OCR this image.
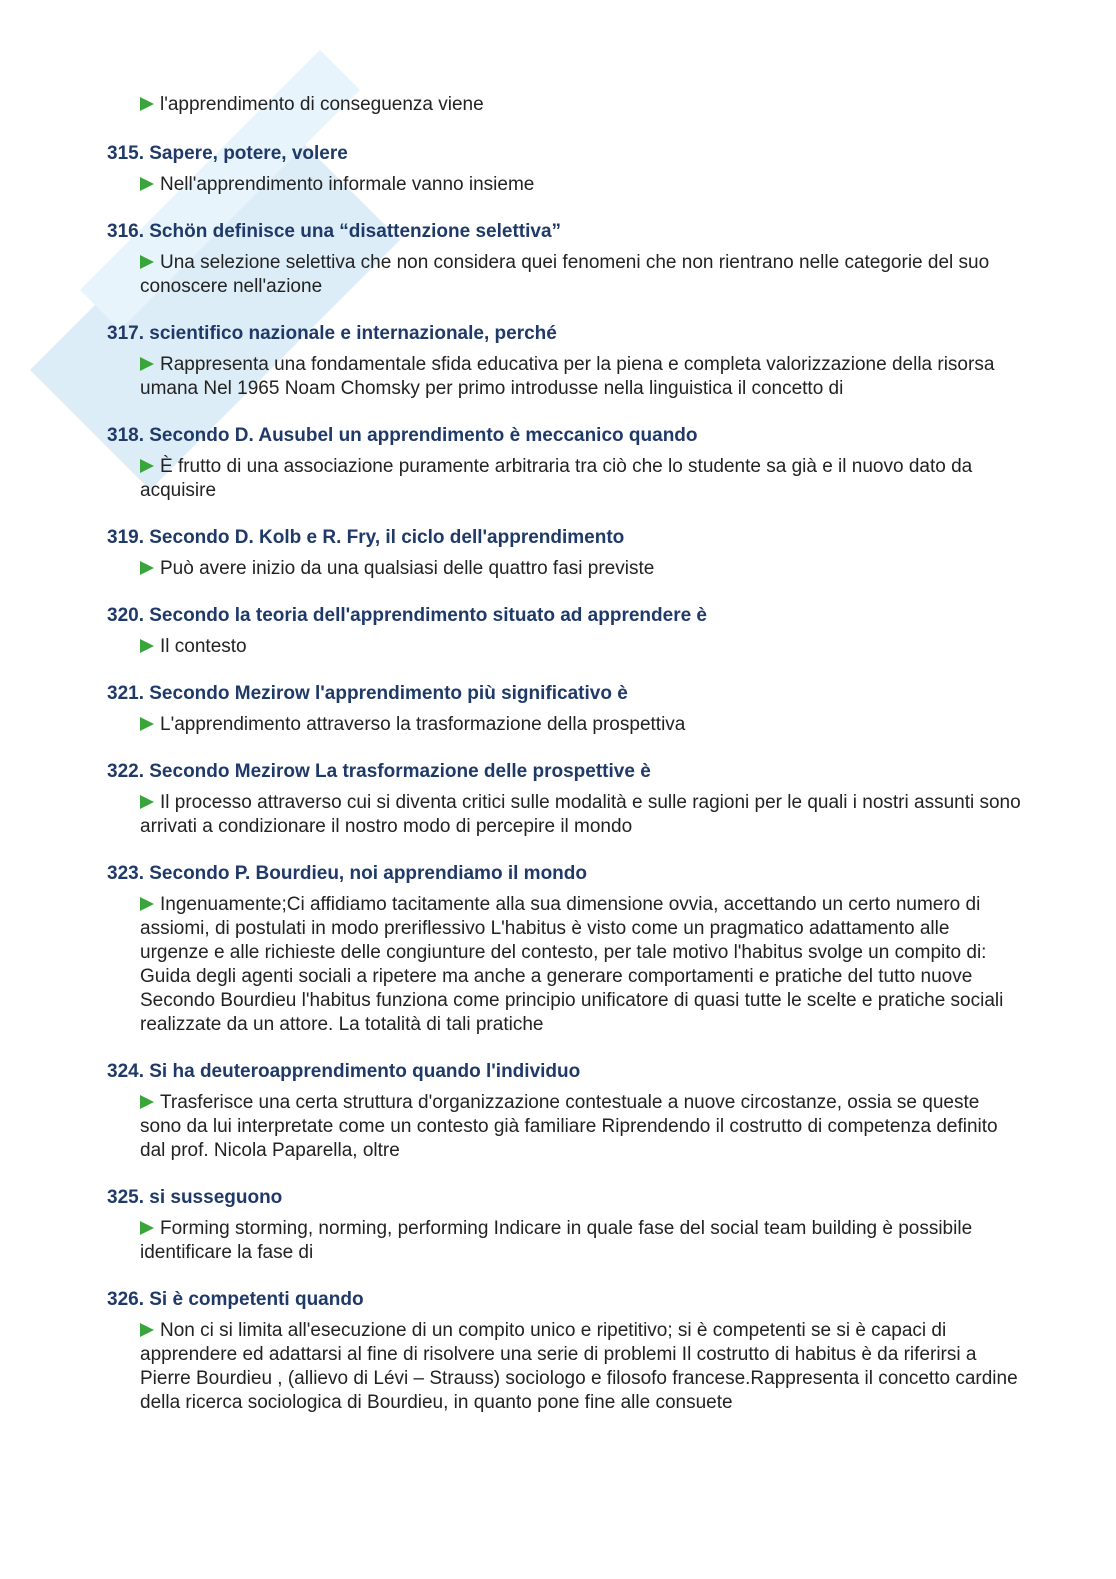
l'apprendimento di conseguenza viene
315. Sapere, potere, volere
Nell'apprendimento informale vanno insieme
316. Schön definisce una “disattenzione selettiva”
Una selezione selettiva che non considera quei fenomeni che non rientrano nelle categorie del suo conoscere nell'azione
317. scientifico nazionale e internazionale, perché
Rappresenta una fondamentale sfida educativa per la piena e completa valorizzazione della risorsa umana Nel 1965 Noam Chomsky per primo introdusse nella linguistica il concetto di
318. Secondo D. Ausubel un apprendimento è meccanico quando
È frutto di una associazione puramente arbitraria tra ciò che lo studente sa già e il nuovo dato da acquisire
319. Secondo D. Kolb e R. Fry, il ciclo dell'apprendimento
Può avere inizio da una qualsiasi delle quattro fasi previste
320. Secondo la teoria dell'apprendimento situato ad apprendere è
Il contesto
321. Secondo Mezirow l'apprendimento più significativo è
L'apprendimento attraverso la trasformazione della prospettiva
322. Secondo Mezirow La trasformazione delle prospettive è
Il processo attraverso cui si diventa critici sulle modalità e sulle ragioni per le quali i nostri assunti sono arrivati a condizionare il nostro modo di percepire il mondo
323. Secondo P. Bourdieu, noi apprendiamo il mondo
Ingenuamente;Ci affidiamo tacitamente alla sua dimensione ovvia, accettando un certo numero di assiomi, di postulati in modo preriflessivo L'habitus è visto come un pragmatico adattamento alle urgenze e alle richieste delle congiunture del contesto, per tale motivo l'habitus svolge un compito di: Guida degli agenti sociali a ripetere ma anche a generare comportamenti e pratiche del tutto nuove Secondo Bourdieu l'habitus funziona come principio unificatore di quasi tutte le scelte e pratiche sociali realizzate da un attore. La totalità di tali pratiche
324. Si ha deuteroapprendimento quando l'individuo
Trasferisce una certa struttura d'organizzazione contestuale a nuove circostanze, ossia se queste sono da lui interpretate come un contesto già familiare Riprendendo il costrutto di competenza definito dal prof. Nicola Paparella, oltre
325. si susseguono
Forming storming, norming, performing Indicare in quale fase del social team building è possibile identificare la fase di
326. Si è competenti quando
Non ci si limita all'esecuzione di un compito unico e ripetitivo; si è competenti se si è capaci di apprendere ed adattarsi al fine di risolvere una serie di problemi Il costrutto di habitus è da riferirsi a Pierre Bourdieu , (allievo di Lévi – Strauss) sociologo e filosofo francese.Rappresenta il concetto cardine della ricerca sociologica di Bourdieu, in quanto pone fine alle consuete
